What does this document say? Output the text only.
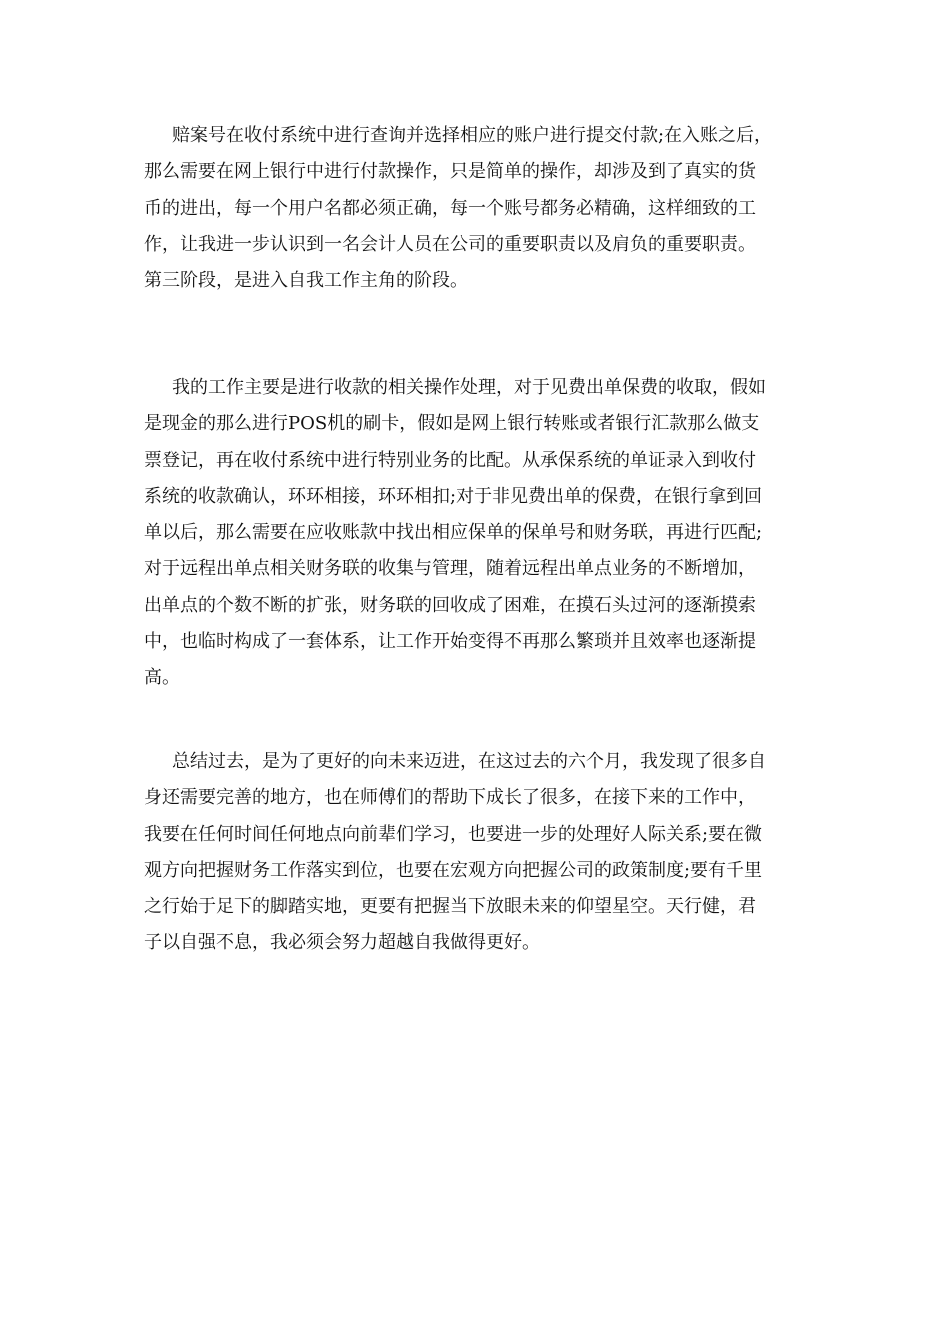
赔案号在收付系统中进行查询并选择相应的账户进行提交付款;在入账之后，
那么需要在网上银行中进行付款操作，只是简单的操作，却涉及到了真实的货
币的进出，每一个用户名都必须正确，每一个账号都务必精确，这样细致的工
作，让我进一步认识到一名会计人员在公司的重要职责以及肩负的重要职责。
第三阶段，是进入自我工作主角的阶段。
我的工作主要是进行收款的相关操作处理，对于见费出单保费的收取，假如
是现金的那么进行POS机的刷卡，假如是网上银行转账或者银行汇款那么做支
票登记，再在收付系统中进行特别业务的比配。从承保系统的单证录入到收付
系统的收款确认，环环相接，环环相扣;对于非见费出单的保费，在银行拿到回
单以后，那么需要在应收账款中找出相应保单的保单号和财务联，再进行匹配;
对于远程出单点相关财务联的收集与管理，随着远程出单点业务的不断增加，
出单点的个数不断的扩张，财务联的回收成了困难，在摸石头过河的逐渐摸索
中，也临时构成了一套体系，让工作开始变得不再那么繁琐并且效率也逐渐提
高。
总结过去，是为了更好的向未来迈进，在这过去的六个月，我发现了很多自
身还需要完善的地方，也在师傅们的帮助下成长了很多，在接下来的工作中，
我要在任何时间任何地点向前辈们学习，也要进一步的处理好人际关系;要在微
观方向把握财务工作落实到位，也要在宏观方向把握公司的政策制度;要有千里
之行始于足下的脚踏实地，更要有把握当下放眼未来的仰望星空。天行健，君
子以自强不息，我必须会努力超越自我做得更好。
